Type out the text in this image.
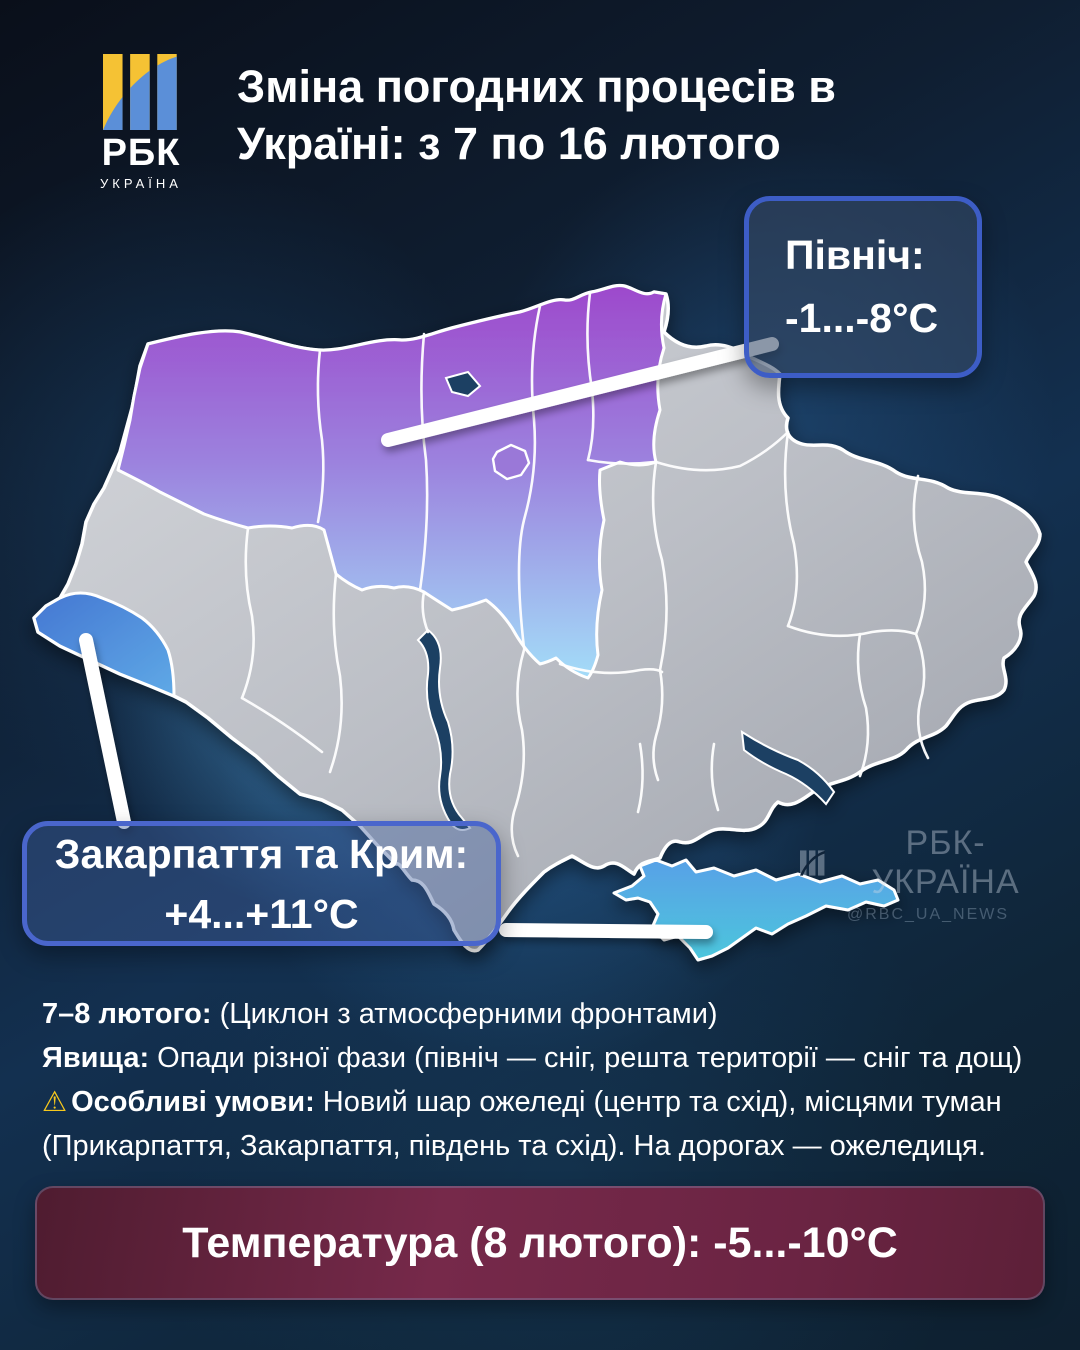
РБК
УКРАЇНА
Зміна погодних процесів в
Україні: з 7 по 16 лютого
Північ:
-1...-8°C
Закарпаття та Крим:
+4...+11°C
РБК-УКРАЇНА
@RBC_UA_NEWS
7–8 лютого: (Циклон з атмосферними фронтами)
Явища: Опади різної фази (північ — сніг, решта території — сніг та дощ)
⚠ Особливі умови: Новий шар ожеледі (центр та схід), місцями туман
(Прикарпаття, Закарпаття, південь та схід). На дорогах — ожеледиця.
Температура (8 лютого): -5...-10°C
